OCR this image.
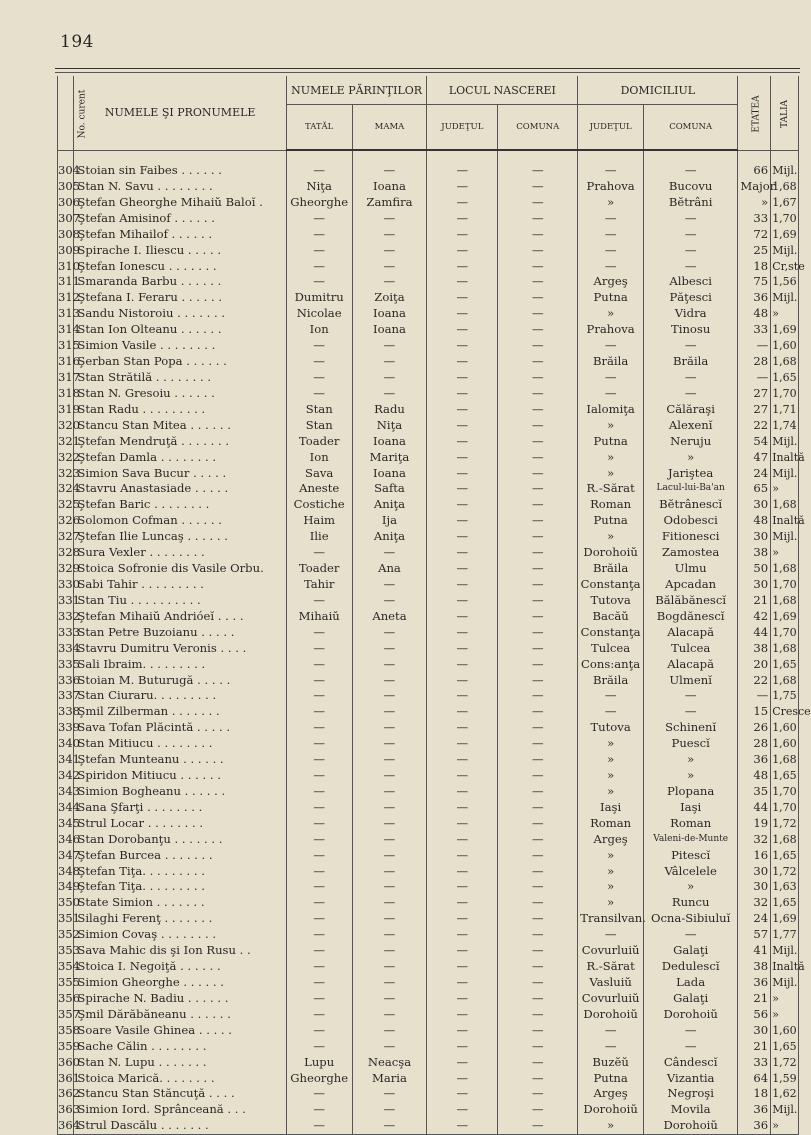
194
No. curent	NUMELE ŞI PRONUMELE	NUMELE PĂRINŢILOR		LOCUL NASCEREI		DOMICILIUL		ETATEA	TALIA
		TATĂL	MAMA	JUDEŢUL	COMUNA	JUDEŢUL	COMUNA		

304	Stoian sin Faibes . . . . . .	—	—	—	—	—	—	66	Mijl.
305	Stan N. Savu . . . . . . . .	Niţa	Ioana	—	—	Prahova	Bucovu	Major	1,68
306	Ştefan Gheorghe Mihaiŭ Baloĭ .	Gheorghe	Zamfira	—	—	»	Bĕtrâni	»	1,67
307	Ştefan Amisinof . . . . . .	—	—	—	—	—	—	33	1,70
308	Ştefan Mihailof . . . . . .	—	—	—	—	—	—	72	1,69
309	Spirache I. Iliescu . . . . .	—	—	—	—	—	—	25	Mijl.
310	Ştefan Ionescu . . . . . . .	—	—	—	—	—	—	18	Cr,ste
311	Smaranda Barbu . . . . . .	—	—	—	—	Argeş	Albesci	75	1,56
312	Ştefana I. Feraru . . . . . .	Dumitru	Zoiţa	—	—	Putna	Păţesci	36	Mijl.
313	Sandu Nistoroiu . . . . . . .	Nicolae	Ioana	—	—	»	Vidra	48	»
314	Stan Ion Olteanu . . . . . .	Ion	Ioana	—	—	Prahova	Tinosu	33	1,69
315	Simion Vasile . . . . . . . .	—	—	—	—	—	—	—	1,60
316	Şerban Stan Popa . . . . . .	—	—	—	—	Brăila	Brăila	28	1,68
317	Stan Strătilă . . . . . . . .	—	—	—	—	—	—	—	1,65
318	Stan N. Gresoiu . . . . . .	—	—	—	—	—	—	27	1,70
319	Stan Radu . . . . . . . . .	Stan	Radu	—	—	Ialomiţa	Călăraşi	27	1,71
320	Stancu Stan Mitea . . . . . .	Stan	Niţa	—	—	»	Alexenĭ	22	1,74
321	Ştefan Mendruţă . . . . . . .	Toader	Ioana	—	—	Putna	Neruju	54	Mijl.
322	Ştefan Damla . . . . . . . .	Ion	Mariţa	—	—	»	»	47	Inaltă
323	Simion Sava Bucur . . . . .	Sava	Ioana	—	—	»	Jariştea	24	Mijl.
324	Stavru Anastasiade . . . . .	Aneste	Safta	—	—	R.-Sărat	Lacul-lui-Ba'an	65	»
325	Ştefan Baric . . . . . . . .	Costiche	Aniţa	—	—	Roman	Bĕtrânescĭ	30	1,68
326	Solomon Cofman . . . . . .	Haim	Ija	—	—	Putna	Odobesci	48	Inaltă
327	Ştefan Ilie Luncaş . . . . . .	Ilie	Aniţa	—	—	»	Fitionesci	30	Mijl.
328	Sura Vexler . . . . . . . .	—	—	—	—	Dorohoiŭ	Zamostea	38	»
329	Stoica Sofronie dis Vasile Orbu.	Toader	Ana	—	—	Brăila	Ulmu	50	1,68
330	Sabi Tahir . . . . . . . . .	Tahir	—	—	—	Constanţa	Apcadan	30	1,70
331	Stan Tiu . . . . . . . . . .	—	—	—	—	Tutova	Bălăbănescĭ	21	1,68
332	Ştefan Mihaiŭ Andrióeĭ . . . .	Mihaiŭ	Aneta	—	—	Bacăŭ	Bogdănescĭ	42	1,69
333	Stan Petre Buzoianu . . . . .	—	—	—	—	Constanţa	Alacapă	44	1,70
334	Stavru Dumitru Veronis . . . .	—	—	—	—	Tulcea	Tulcea	38	1,68
335	Sali Ibraim. . . . . . . . .	—	—	—	—	Cons:anţa	Alacapă	20	1,65
336	Stoian M. Buturugă . . . . .	—	—	—	—	Brăila	Ulmenĭ	22	1,68
337	Stan Ciuraru. . . . . . . . .	—	—	—	—	—	—	—	1,75
338	Şmil Zilberman . . . . . . .	—	—	—	—	—	—	15	Cresce
339	Sava Tofan Plăcintă . . . . .	—	—	—	—	Tutova	Schinenĭ	26	1,60
340	Stan Mitiucu . . . . . . . .	—	—	—	—	»	Puescĭ	28	1,60
341	Ştefan Munteanu . . . . . .	—	—	—	—	»	»	36	1,68
342	Spiridon Mitiucu . . . . . .	—	—	—	—	»	»	48	1,65
343	Simion Bogheanu . . . . . .	—	—	—	—	»	Plopana	35	1,70
344	Sana Şfarţi . . . . . . . .	—	—	—	—	Iaşi	Iaşi	44	1,70
345	Strul Locar . . . . . . . .	—	—	—	—	Roman	Roman	19	1,72
346	Stan Dorobanţu . . . . . . .	—	—	—	—	Argeş	Valeni-de-Munte	32	1,68
347	Ştefan Burcea . . . . . . .	—	—	—	—	»	Pitescĭ	16	1,65
348	Ştefan Tiţa. . . . . . . . .	—	—	—	—	»	Vâlcelele	30	1,72
349	Ştefan Tiţa. . . . . . . . .	—	—	—	—	»	»	30	1,63
350	State Simion . . . . . . .	—	—	—	—	»	Runcu	32	1,65
351	Silaghi Ferenţ . . . . . . .	—	—	—	—	Transilvan.	Ocna-Sibiuluĭ	24	1,69
352	Simion Covaş . . . . . . . .	—	—	—	—	—	—	57	1,77
353	Sava Mahic dis şi Ion Rusu . .	—	—	—	—	Covurluiŭ	Galaţi	41	Mijl.
354	Stoica I. Negoiţă . . . . . .	—	—	—	—	R.-Sărat	Dedulescĭ	38	Inaltă
355	Simion Gheorghe . . . . . .	—	—	—	—	Vasluiŭ	Lada	36	Mijl.
356	Spirache N. Badiu . . . . . .	—	—	—	—	Covurluiŭ	Galaţi	21	»
357	Şmil Dărăbăneanu . . . . . .	—	—	—	—	Dorohoiŭ	Dorohoiŭ	56	»
358	Soare Vasile Ghinea . . . . .	—	—	—	—	—	—	30	1,60
359	Sache Călin . . . . . . . .	—	—	—	—	—	—	21	1,65
360	Stan N. Lupu . . . . . . .	Lupu	Neacşa	—	—	Buzĕŭ	Cândescĭ	33	1,72
361	Stoica Marică. . . . . . . .	Gheorghe	Maria	—	—	Putna	Vizantia	64	1,59
362	Stancu Stan Stăncuţă . . . .	—	—	—	—	Argeş	Negroşi	18	1,62
363	Simion Iord. Sprânceană . . .	—	—	—	—	Dorohoiŭ	Movila	36	Mijl.
364	Strul Dascălu . . . . . . .	—	—	—	—	»	Dorohoiŭ	36	»
